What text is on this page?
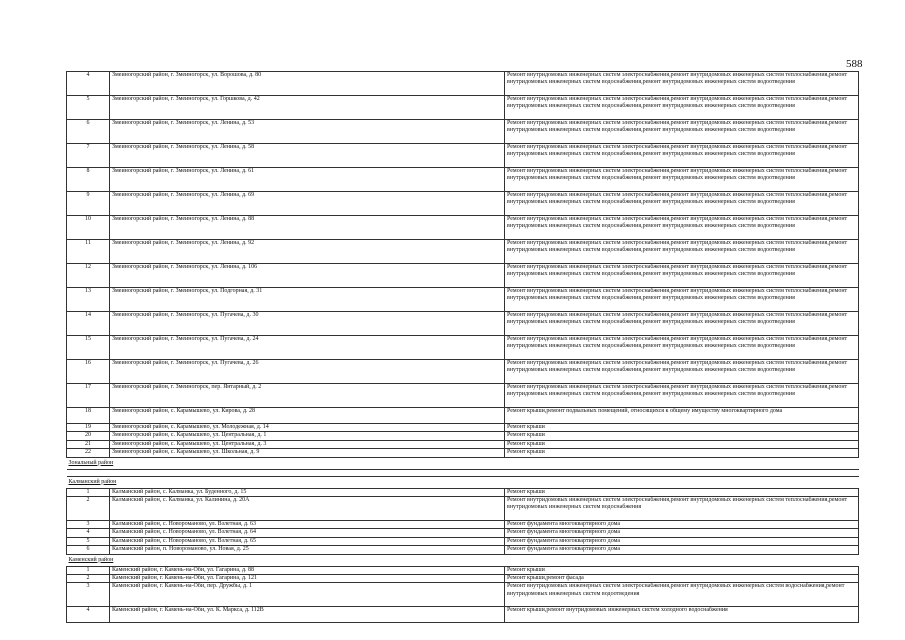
588
4	Змеиногорский район, г. Змеиногорск, ул. Ворошова, д. 80	Ремонт внутридомовых инженерных систем электроснабжения,ремонт внутридомовых инженерных систем теплоснабжения,ремонт внутридомовых инженерных систем водоснабжения,ремонт внутридомовых инженерных систем водоотведения
5	Змеиногорский район, г. Змеиногорск, ул. Горшкова, д. 42	Ремонт внутридомовых инженерных систем электроснабжения,ремонт внутридомовых инженерных систем теплоснабжения,ремонт внутридомовых инженерных систем водоснабжения,ремонт внутридомовых инженерных систем водоотведения
6	Змеиногорский район, г. Змеиногорск, ул. Ленина, д. 53	Ремонт внутридомовых инженерных систем электроснабжения,ремонт внутридомовых инженерных систем теплоснабжения,ремонт внутридомовых инженерных систем водоснабжения,ремонт внутридомовых инженерных систем водоотведения
7	Змеиногорский район, г. Змеиногорск, ул. Ленина, д. 58	Ремонт внутридомовых инженерных систем электроснабжения,ремонт внутридомовых инженерных систем теплоснабжения,ремонт внутридомовых инженерных систем водоснабжения,ремонт внутридомовых инженерных систем водоотведения
8	Змеиногорский район, г. Змеиногорск, ул. Ленина, д. 61	Ремонт внутридомовых инженерных систем электроснабжения,ремонт внутридомовых инженерных систем теплоснабжения,ремонт внутридомовых инженерных систем водоснабжения,ремонт внутридомовых инженерных систем водоотведения
9	Змеиногорский район, г. Змеиногорск, ул. Ленина, д. 69	Ремонт внутридомовых инженерных систем электроснабжения,ремонт внутридомовых инженерных систем теплоснабжения,ремонт внутридомовых инженерных систем водоснабжения,ремонт внутридомовых инженерных систем водоотведения
10	Змеиногорский район, г. Змеиногорск, ул. Ленина, д. 88	Ремонт внутридомовых инженерных систем электроснабжения,ремонт внутридомовых инженерных систем теплоснабжения,ремонт внутридомовых инженерных систем водоснабжения,ремонт внутридомовых инженерных систем водоотведения
11	Змеиногорский район, г. Змеиногорск, ул. Ленина, д. 92	Ремонт внутридомовых инженерных систем электроснабжения,ремонт внутридомовых инженерных систем теплоснабжения,ремонт внутридомовых инженерных систем водоснабжения,ремонт внутридомовых инженерных систем водоотведения
12	Змеиногорский район, г. Змеиногорск, ул. Ленина, д. 106	Ремонт внутридомовых инженерных систем электроснабжения,ремонт внутридомовых инженерных систем теплоснабжения,ремонт внутридомовых инженерных систем водоснабжения,ремонт внутридомовых инженерных систем водоотведения
13	Змеиногорский район, г. Змеиногорск, ул. Подгорная, д. 31	Ремонт внутридомовых инженерных систем электроснабжения,ремонт внутридомовых инженерных систем теплоснабжения,ремонт внутридомовых инженерных систем водоснабжения,ремонт внутридомовых инженерных систем водоотведения
14	Змеиногорский район, г. Змеиногорск, ул. Пугачева, д. 30	Ремонт внутридомовых инженерных систем электроснабжения,ремонт внутридомовых инженерных систем теплоснабжения,ремонт внутридомовых инженерных систем водоснабжения,ремонт внутридомовых инженерных систем водоотведения
15	Змеиногорский район, г. Змеиногорск, ул. Пугачева, д. 24	Ремонт внутридомовых инженерных систем электроснабжения,ремонт внутридомовых инженерных систем теплоснабжения,ремонт внутридомовых инженерных систем водоснабжения,ремонт внутридомовых инженерных систем водоотведения
16	Змеиногорский район, г. Змеиногорск, ул. Пугачева, д. 26	Ремонт внутридомовых инженерных систем электроснабжения,ремонт внутридомовых инженерных систем теплоснабжения,ремонт внутридомовых инженерных систем водоснабжения,ремонт внутридомовых инженерных систем водоотведения
17	Змеиногорский район, г. Змеиногорск, пер. Янтарный, д. 2	Ремонт внутридомовых инженерных систем электроснабжения,ремонт внутридомовых инженерных систем теплоснабжения,ремонт внутридомовых инженерных систем водоснабжения,ремонт внутридомовых инженерных систем водоотведения
18	Змеиногорский район, с. Карамышево, ул. Кирова, д. 28	Ремонт крыши,ремонт подвальных помещений, относящихся к общему имуществу многоквартирного дома
19	Змеиногорский район, с. Карамышево, ул. Молодежная, д. 14	Ремонт крыши
20	Змеиногорский район, с. Карамышево, ул. Центральная, д. 1	Ремонт крыши
21	Змеиногорский район, с. Карамышево, ул. Центральная, д. 3	Ремонт крыши
22	Змеиногорский район, с. Карамышево, ул. Школьная, д. 9	Ремонт крыши
Зональный район		

Калманский район		
1	Калманский район, с. Калманка, ул. Буденного, д. 15	Ремонт крыши
2	Калманский район, с. Калманка, ул. Калинина, д. 20А	Ремонт внутридомовых инженерных систем электроснабжения,ремонт внутридомовых инженерных систем теплоснабжения,ремонт внутридомовых инженерных систем водоснабжения
3	Калманский район, с. Новороманово, ул. Взлетная, д. 63	Ремонт фундамента многоквартирного дома
4	Калманский район, с. Новороманово, ул. Взлетная, д. 64	Ремонт фундамента многоквартирного дома
5	Калманский район, с. Новороманово, ул. Взлетная, д. 65	Ремонт фундамента многоквартирного дома
6	Калманский район, п. Новороманово, ул. Новая, д. 25	Ремонт фундамента многоквартирного дома
Каменский район		
1	Каменский район, г. Камень-на-Оби, ул. Гагарина, д. 88	Ремонт крыши
2	Каменский район, г. Камень-на-Оби, ул. Гагарина, д. 121	Ремонт крыши,ремонт фасада
3	Каменский район, г. Камень-на-Оби, пер. Дружбы, д. 1	Ремонт внутридомовых инженерных систем электроснабжения,ремонт внутридомовых инженерных систем водоснабжения,ремонт внутридомовых инженерных систем водоотведения
4	Каменский район, г. Камень-на-Оби, ул. К. Маркса, д. 112В	Ремонт крыши,ремонт внутридомовых инженерных систем холодного водоснабжения
